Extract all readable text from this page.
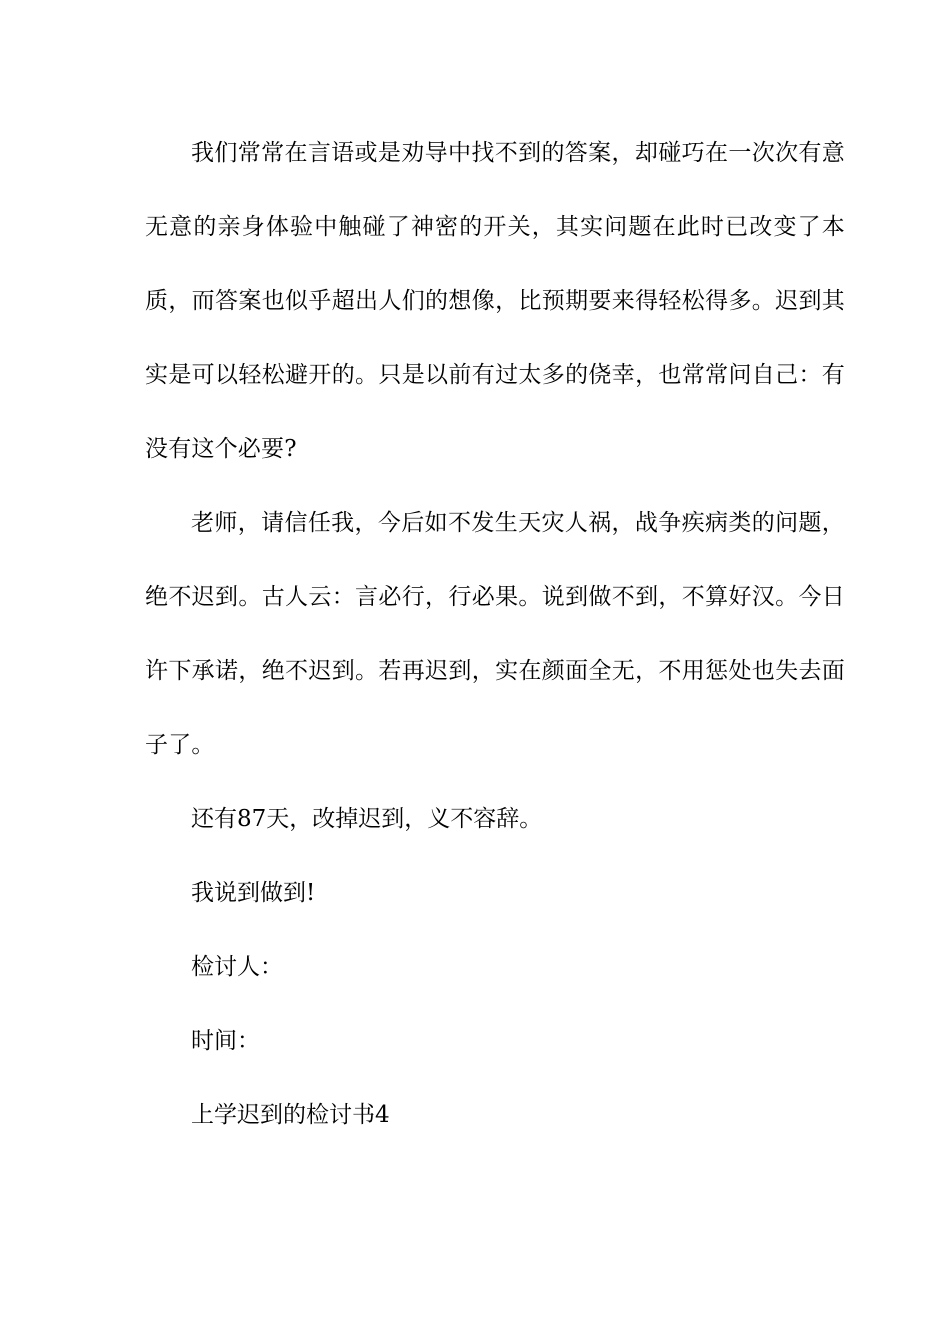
我们常常在言语或是劝导中找不到的答案，却碰巧在一次次有意无意的亲身体验中触碰了神密的开关，其实问题在此时已改变了本质，而答案也似乎超出人们的想像，比预期要来得轻松得多。迟到其实是可以轻松避开的。只是以前有过太多的侥幸，也常常问自己：有没有这个必要?

老师，请信任我，今后如不发生天灾人祸，战争疾病类的问题，绝不迟到。古人云：言必行，行必果。说到做不到，不算好汉。今日许下承诺，绝不迟到。若再迟到，实在颜面全无，不用惩处也失去面子了。

还有87天，改掉迟到，义不容辞。

我说到做到!

检讨人：

时间：

上学迟到的检讨书4
